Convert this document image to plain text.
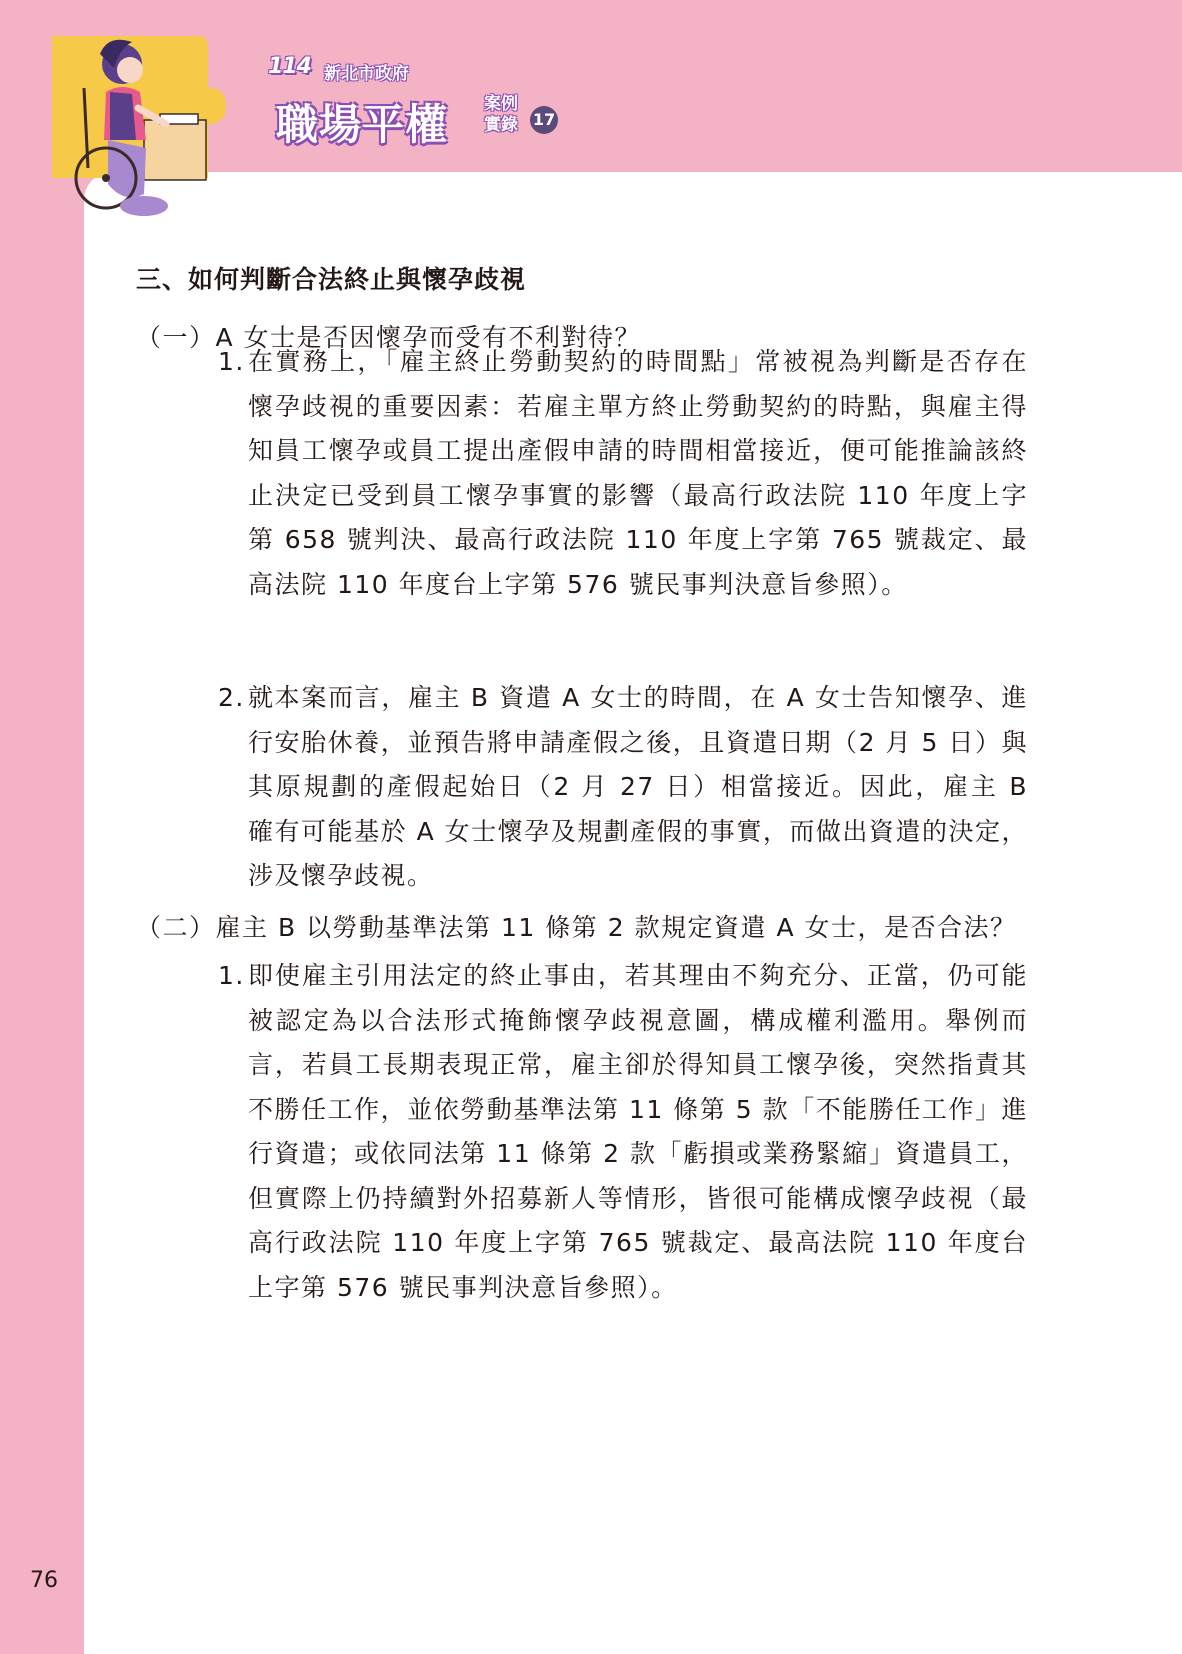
114 新北市政府
職場平權 案例
實錄 17
三、如何判斷合法終止與懷孕歧視
（一）A 女士是否因懷孕而受有不利對待？
1. 在實務上，「雇主終止勞動契約的時間點」常被視為判斷是否存在懷孕歧視的重要因素：若雇主單方終止勞動契約的時點，與雇主得知員工懷孕或員工提出產假申請的時間相當接近，便可能推論該終止決定已受到員工懷孕事實的影響（最高行政法院 110 年度上字第 658 號判決、最高行政法院 110 年度上字第 765 號裁定、最高法院 110 年度台上字第 576 號民事判決意旨參照）。
2. 就本案而言，雇主 B 資遣 A 女士的時間，在 A 女士告知懷孕、進行安胎休養，並預告將申請產假之後，且資遣日期（2 月 5 日）與其原規劃的產假起始日（2 月 27 日）相當接近。因此，雇主 B 確有可能基於 A 女士懷孕及規劃產假的事實，而做出資遣的決定，涉及懷孕歧視。
（二）雇主 B 以勞動基準法第 11 條第 2 款規定資遣 A 女士，是否合法？
1. 即使雇主引用法定的終止事由，若其理由不夠充分、正當，仍可能被認定為以合法形式掩飾懷孕歧視意圖，構成權利濫用。舉例而言，若員工長期表現正常，雇主卻於得知員工懷孕後，突然指責其不勝任工作，並依勞動基準法第 11 條第 5 款「不能勝任工作」進行資遣；或依同法第 11 條第 2 款「虧損或業務緊縮」資遣員工，但實際上仍持續對外招募新人等情形，皆很可能構成懷孕歧視（最高行政法院 110 年度上字第 765 號裁定、最高法院 110 年度台上字第 576 號民事判決意旨參照）。
76
